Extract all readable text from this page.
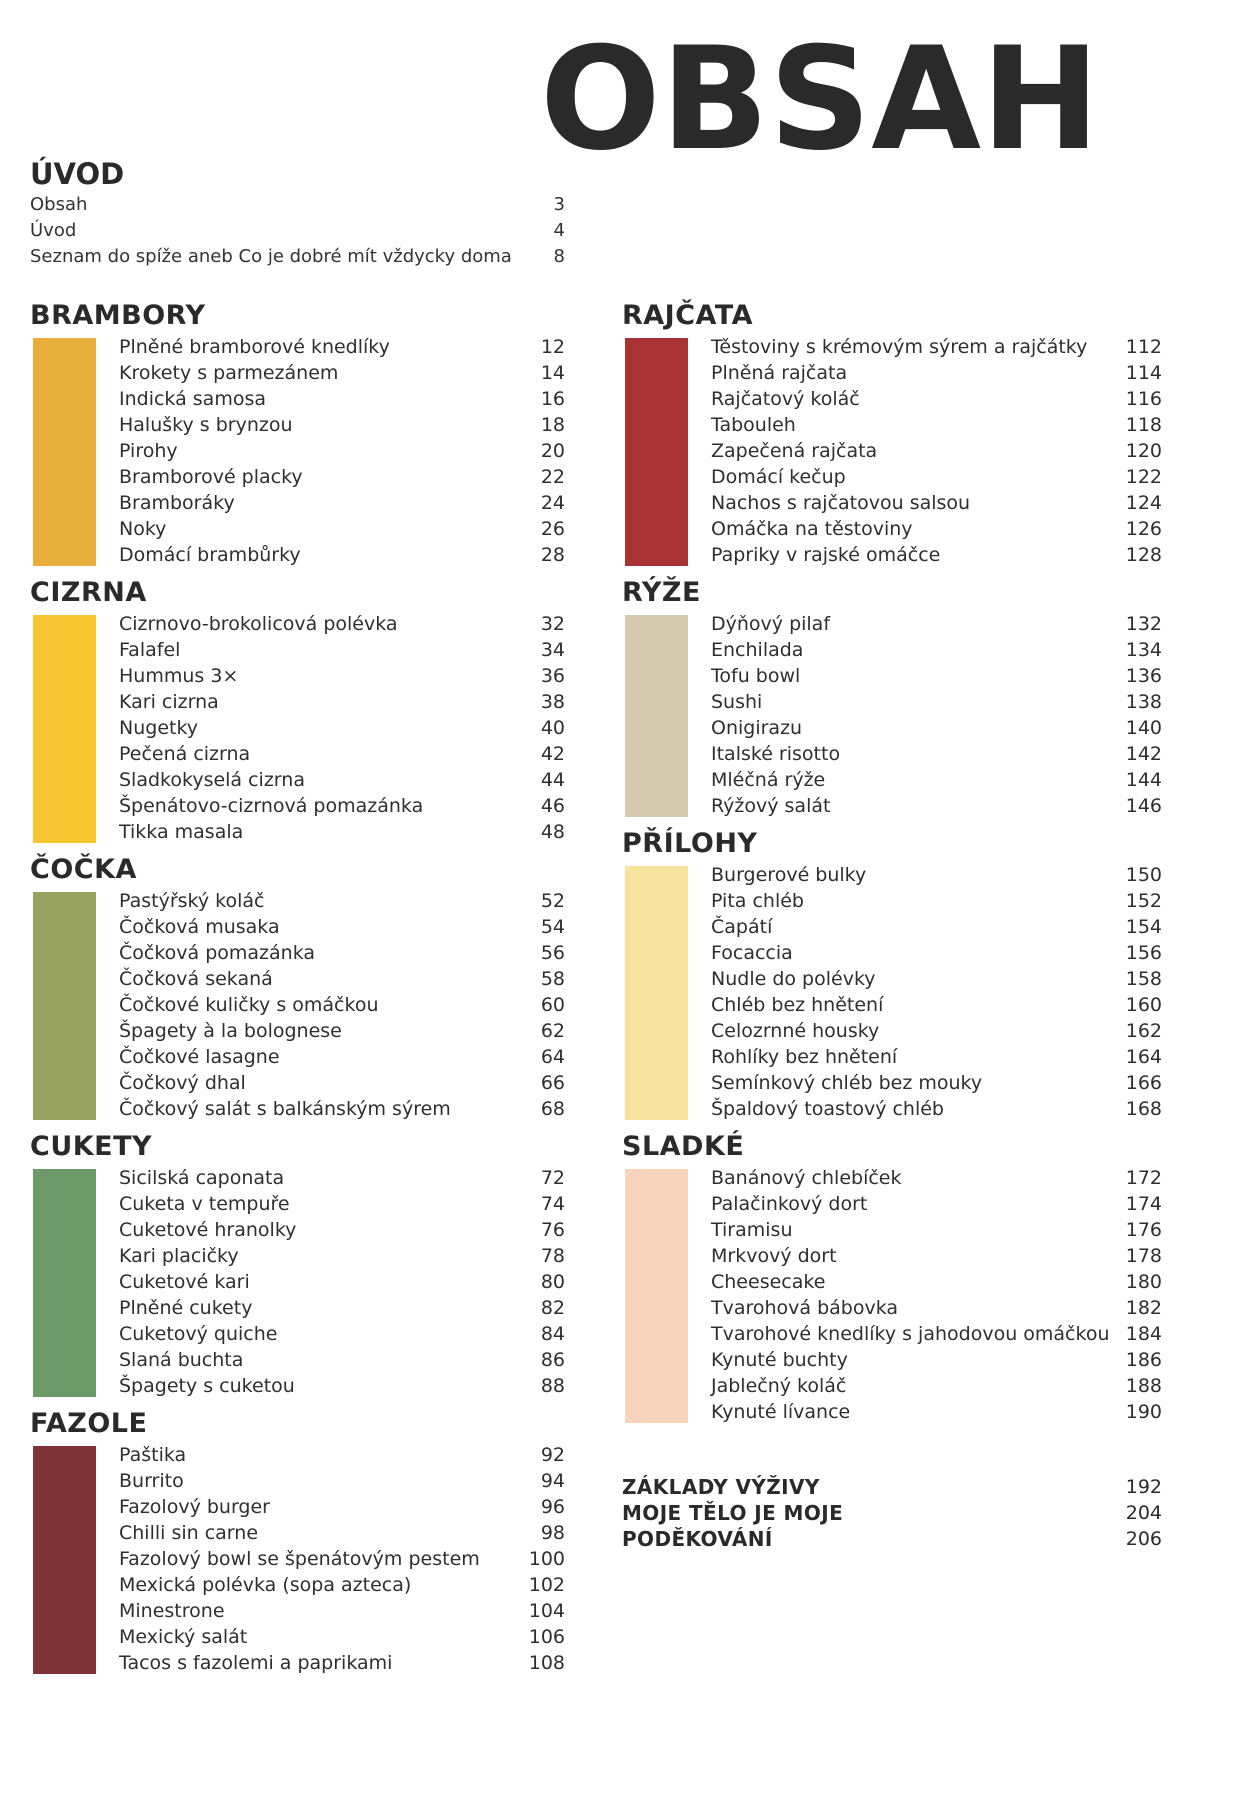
OBSAH
ÚVOD
Obsah	3
Úvod	4
Seznam do spíže aneb Co je dobré mít vždycky doma 8
BRAMBORY
Plněné bramborové knedlíky	12
Krokety s parmezánem	14
Indická samosa	16
Halušky s brynzou	18
Pirohy	20
Bramborové placky	22
Bramboráky	24
Noky	26
Domácí brambůrky	28
CIZRNA
Cizrnovo-brokolicová polévka	32
Falafel	34
Hummus 3×	36
Kari cizrna	38
Nugetky	40
Pečená cizrna	42
Sladkokyselá cizrna	44
Špenátovo-cizrnová pomazánka	46
Tikka masala	48
ČOČKA
Pastýřský koláč	52
Čočková musaka	54
Čočková pomazánka	56
Čočková sekaná	58
Čočkové kuličky s omáčkou	60
Špagety à la bolognese	62
Čočkové lasagne	64
Čočkový dhal	66
Čočkový salát s balkánským sýrem	68
CUKETY
Sicilská caponata	72
Cuketa v tempuře	74
Cuketové hranolky	76
Kari placičky	78
Cuketové kari	80
Plněné cukety	82
Cuketový quiche	84
Slaná buchta	86
Špagety s cuketou	88
FAZOLE
Paštika	92
Burrito	94
Fazolový burger	96
Chilli sin carne	98
Fazolový bowl se špenátovým pestem	100
Mexická polévka (sopa azteca)	102
Minestrone	104
Mexický salát	106
Tacos s fazolemi a paprikami	108
RAJČATA
Těstoviny s krémovým sýrem a rajčátky 112
Plněná rajčata	114
Rajčatový koláč	116
Tabouleh	118
Zapečená rajčata	120
Domácí kečup	122
Nachos s rajčatovou salsou	124
Omáčka na těstoviny	126
Papriky v rajské omáčce	128
RÝŽE
Dýňový pilaf	132
Enchilada	134
Tofu bowl	136
Sushi	138
Onigirazu	140
Italské risotto	142
Mléčná rýže	144
Rýžový salát	146
PŘÍLOHY
Burgerové bulky	150
Pita chléb	152
Čapátí	154
Focaccia	156
Nudle do polévky	158
Chléb bez hnětení	160
Celozrnné housky	162
Rohlíky bez hnětení	164
Semínkový chléb bez mouky	166
Špaldový toastový chléb	168
SLADKÉ
Banánový chlebíček	172
Palačinkový dort	174
Tiramisu	176
Mrkvový dort	178
Cheesecake	180
Tvarohová bábovka	182
Tvarohové knedlíky s jahodovou omáčkou 184
Kynuté buchty	186
Jablečný koláč	188
Kynuté lívance	190
ZÁKLADY VÝŽIVY	192
MOJE TĚLO JE MOJE	204
PODĚKOVÁNÍ	206
